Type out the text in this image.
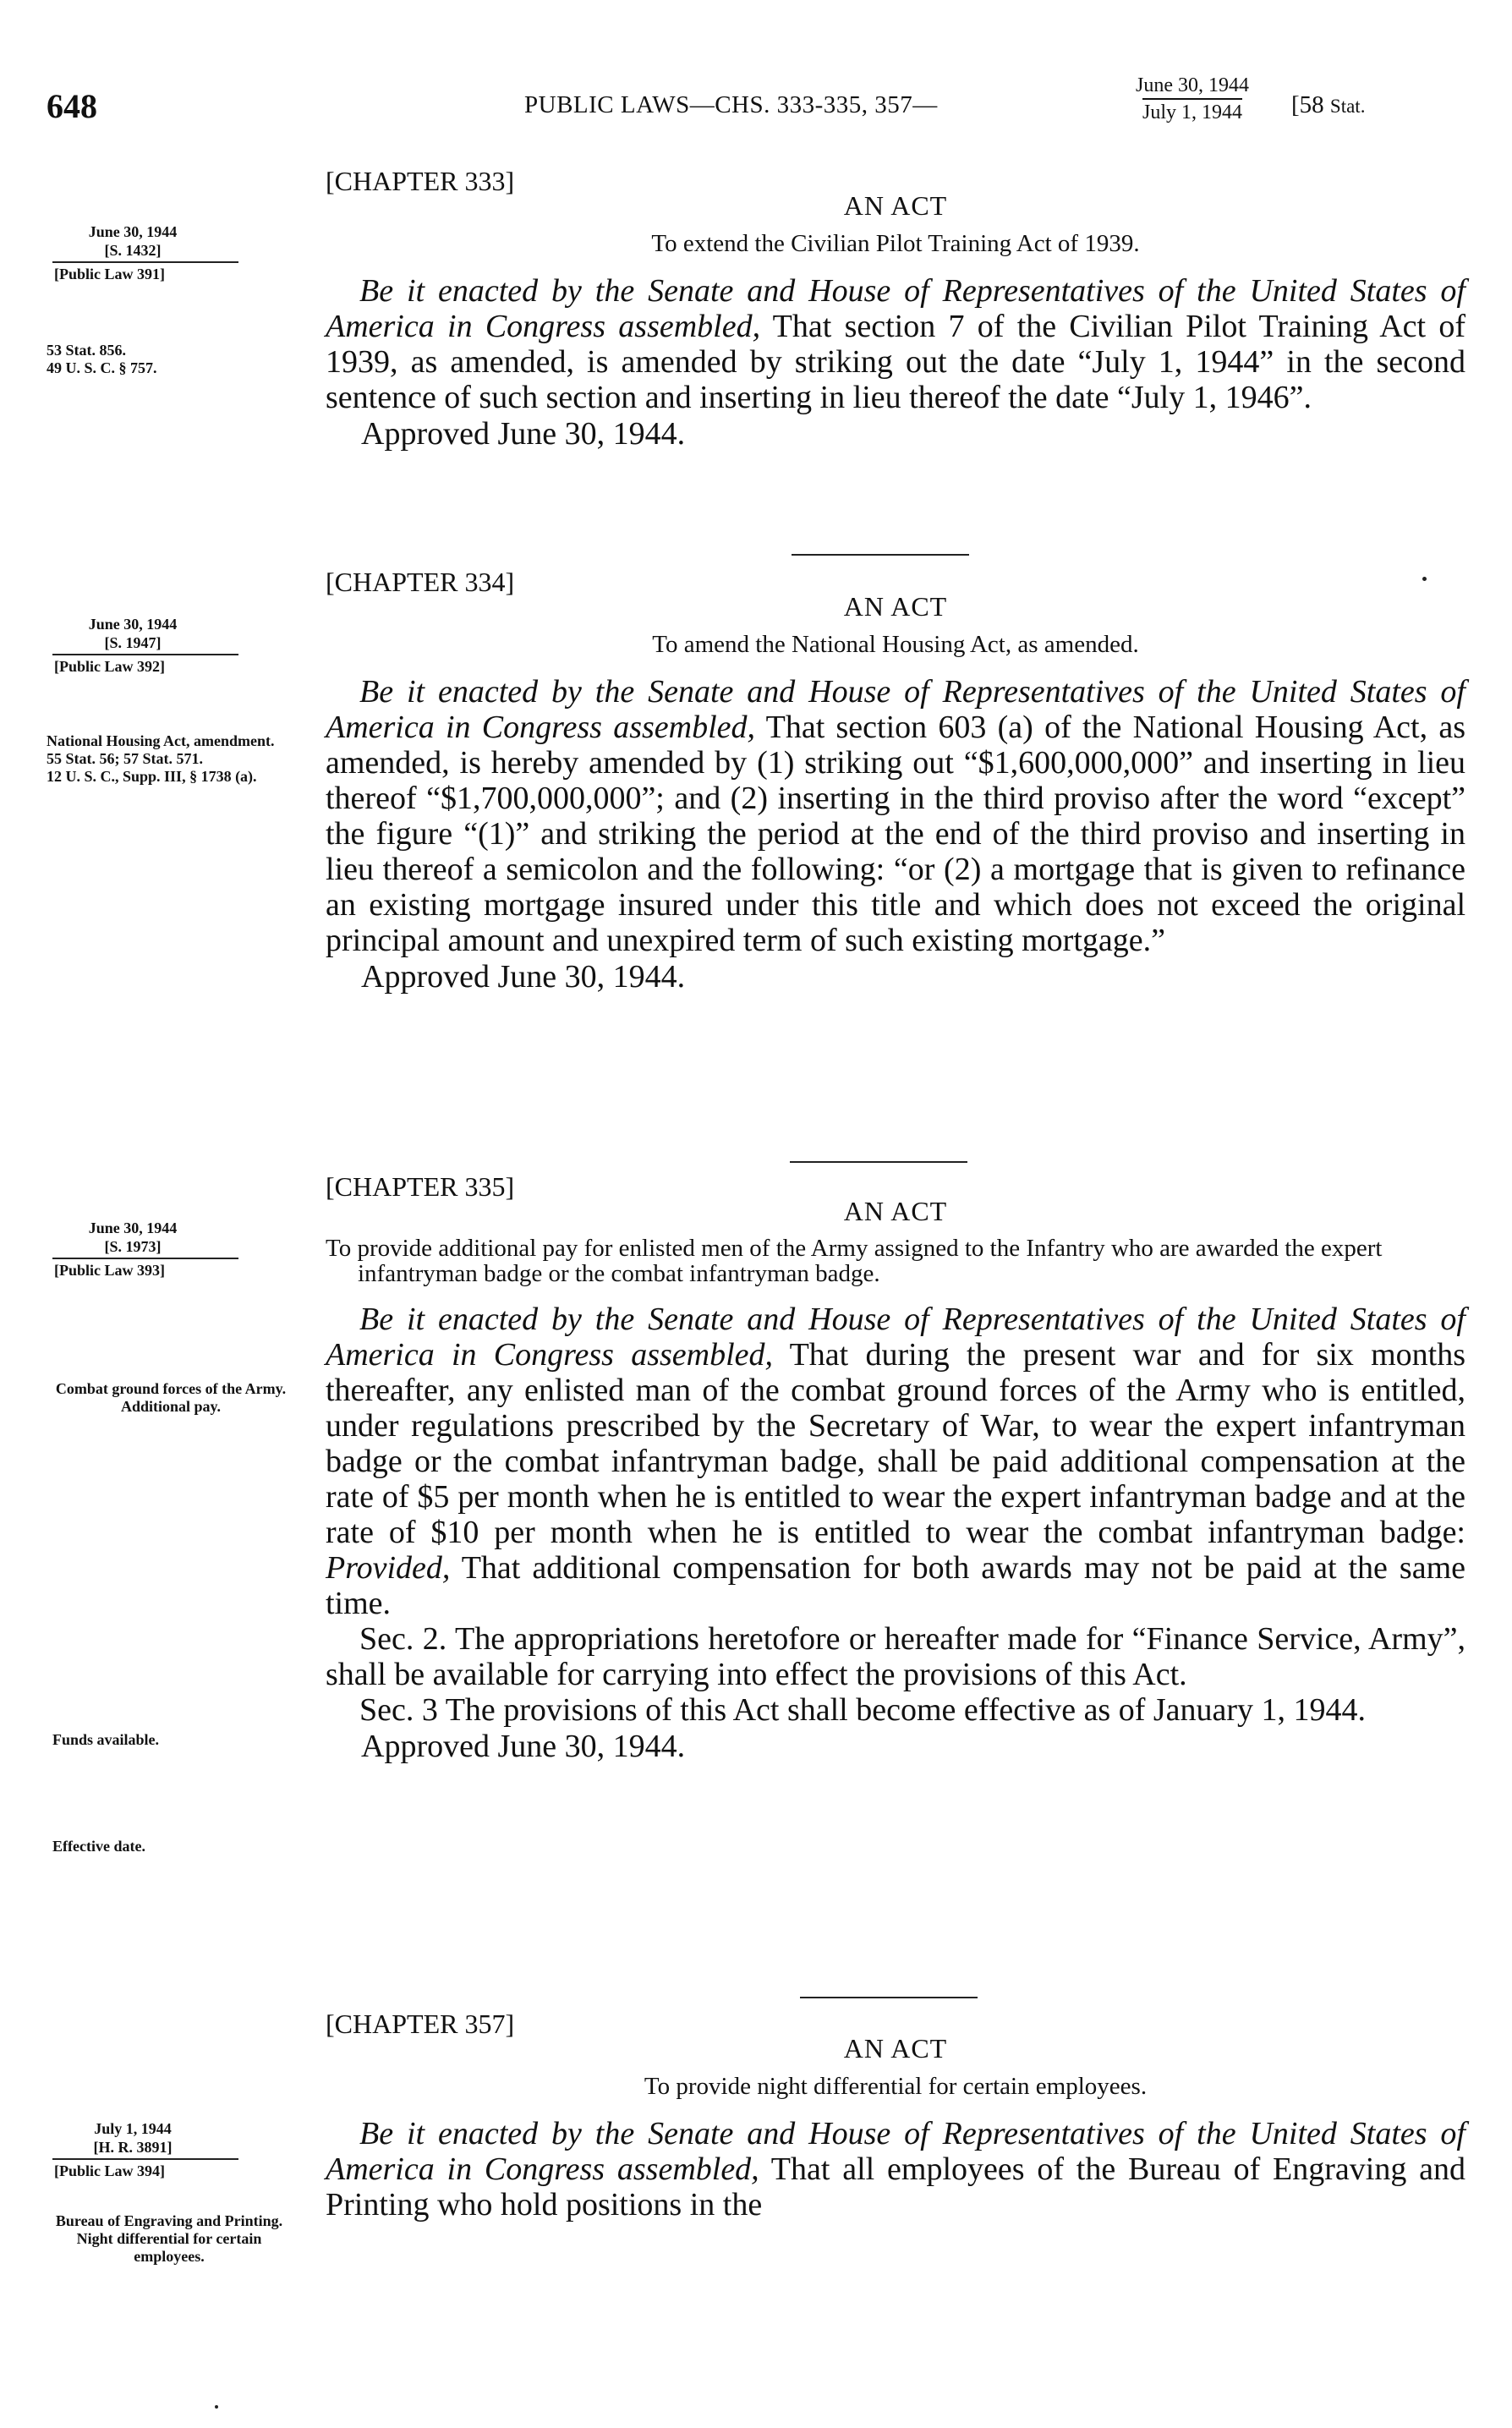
648	PUBLIC LAWS—CHS. 333-335, 357—
June 30, 1944
July 1, 1944 [58 Stat.
June 30, 1944
[S. 1432]
[Public Law 391]
53 Stat. 856.
49 U. S. C. § 757.
[CHAPTER 333]
AN ACT
To extend the Civilian Pilot Training Act of 1939.
Be it enacted by the Senate and House of Representatives of the United States of America in Congress assembled, That section 7 of the Civilian Pilot Training Act of 1939, as amended, is amended by striking out the date “July 1, 1944” in the second sentence of such section and inserting in lieu thereof the date “July 1, 1946”.
Approved June 30, 1944.
June 30, 1944
[S. 1947]
[Public Law 392]
National Housing Act, amendment.
55 Stat. 56; 57 Stat. 571.
12 U. S. C., Supp. III, § 1738 (a).
[CHAPTER 334]
AN ACT
To amend the National Housing Act, as amended.
Be it enacted by the Senate and House of Representatives of the United States of America in Congress assembled, That section 603 (a) of the National Housing Act, as amended, is hereby amended by (1) striking out “$1,600,000,000” and inserting in lieu thereof “$1,700,000,000”; and (2) inserting in the third proviso after the word “except” the figure “(1)” and striking the period at the end of the third proviso and inserting in lieu thereof a semicolon and the following: “or (2) a mortgage that is given to refinance an existing mortgage insured under this title and which does not exceed the original principal amount and unexpired term of such existing mortgage.”
Approved June 30, 1944.
June 30, 1944
[S. 1973]
[Public Law 393]
Combat ground forces of the Army. Additional pay.
Funds available.
Effective date.
[CHAPTER 335]
AN ACT
To provide additional pay for enlisted men of the Army assigned to the Infantry who are awarded the expert infantryman badge or the combat infantryman badge.
Be it enacted by the Senate and House of Representatives of the United States of America in Congress assembled, That during the present war and for six months thereafter, any enlisted man of the combat ground forces of the Army who is entitled, under regulations prescribed by the Secretary of War, to wear the expert infantryman badge or the combat infantryman badge, shall be paid additional compensation at the rate of $5 per month when he is entitled to wear the expert infantryman badge and at the rate of $10 per month when he is entitled to wear the combat infantryman badge: Provided, That additional compensation for both awards may not be paid at the same time.
Sec. 2. The appropriations heretofore or hereafter made for “Finance Service, Army”, shall be available for carrying into effect the provisions of this Act.
Sec. 3 The provisions of this Act shall become effective as of January 1, 1944.
Approved June 30, 1944.
July 1, 1944
[H. R. 3891]
[Public Law 394]
Bureau of Engraving and Printing.
Night differential for certain employees.
[CHAPTER 357]
AN ACT
To provide night differential for certain employees.
Be it enacted by the Senate and House of Representatives of the United States of America in Congress assembled, That all employees of the Bureau of Engraving and Printing who hold positions in the
